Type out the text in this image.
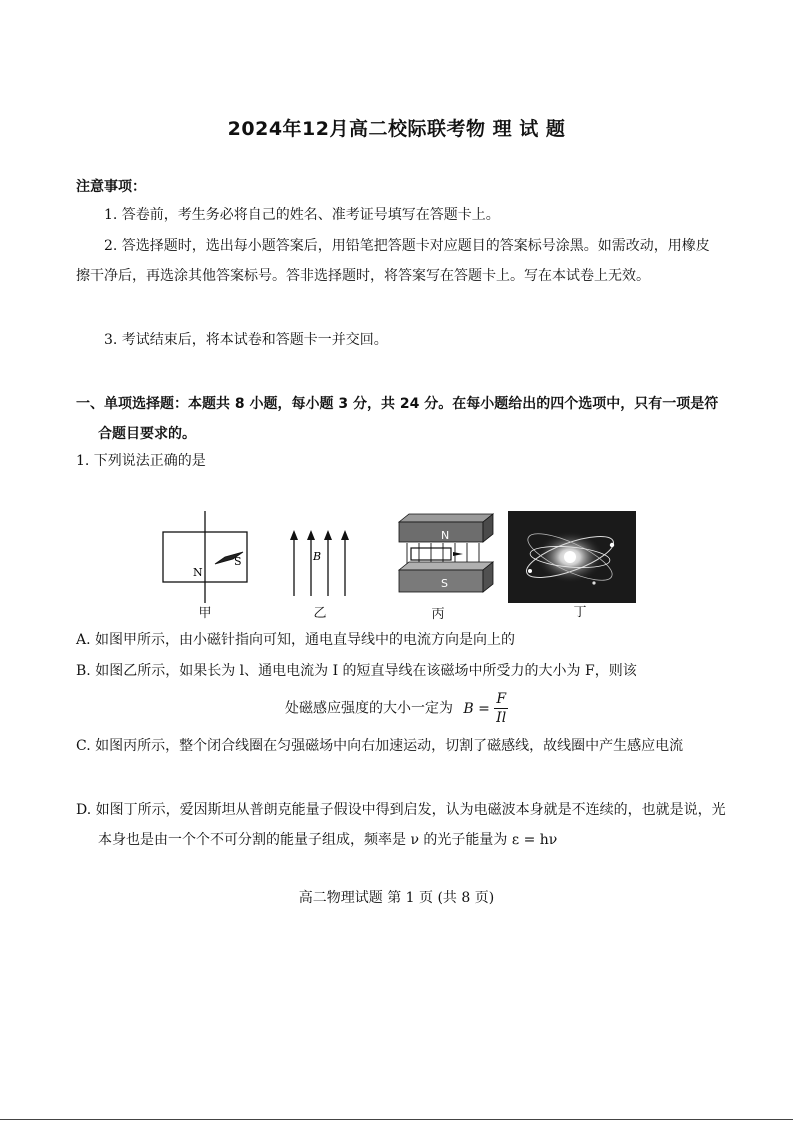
2024年12月高二校际联考物 理 试 题
注意事项：
1. 答卷前，考生务必将自己的姓名、准考证号填写在答题卡上。
2. 答选择题时，选出每小题答案后，用铅笔把答题卡对应题目的答案标号涂黑。如需改动，用橡皮擦干净后，再选涂其他答案标号。答非选择题时，将答案写在答题卡上。写在本试卷上无效。
3. 考试结束后，将本试卷和答题卡一并交回。
一、单项选择题：本题共 8 小题，每小题 3 分，共 24 分。在每小题给出的四个选项中，只有一项是符合题目要求的。
1. 下列说法正确的是
N
S
甲
B
乙
N
S
丙	丁
A. 如图甲所示，由小磁针指向可知，通电直导线中的电流方向是向上的
B. 如图乙所示，如果长为 l、通电电流为 I 的短直导线在该磁场中所受力的大小为 F，则该
处磁感应强度的大小一定为 $B = \frac{F}{Il}$
C. 如图丙所示，整个闭合线圈在匀强磁场中向右加速运动，切割了磁感线，故线圈中产生感应电流
D. 如图丁所示，爱因斯坦从普朗克能量子假设中得到启发，认为电磁波本身就是不连续的，也就是说，光本身也是由一个个不可分割的能量子组成，频率是 ν 的光子能量为 ε = hν
高二物理试题 第 1 页 (共 8 页)
